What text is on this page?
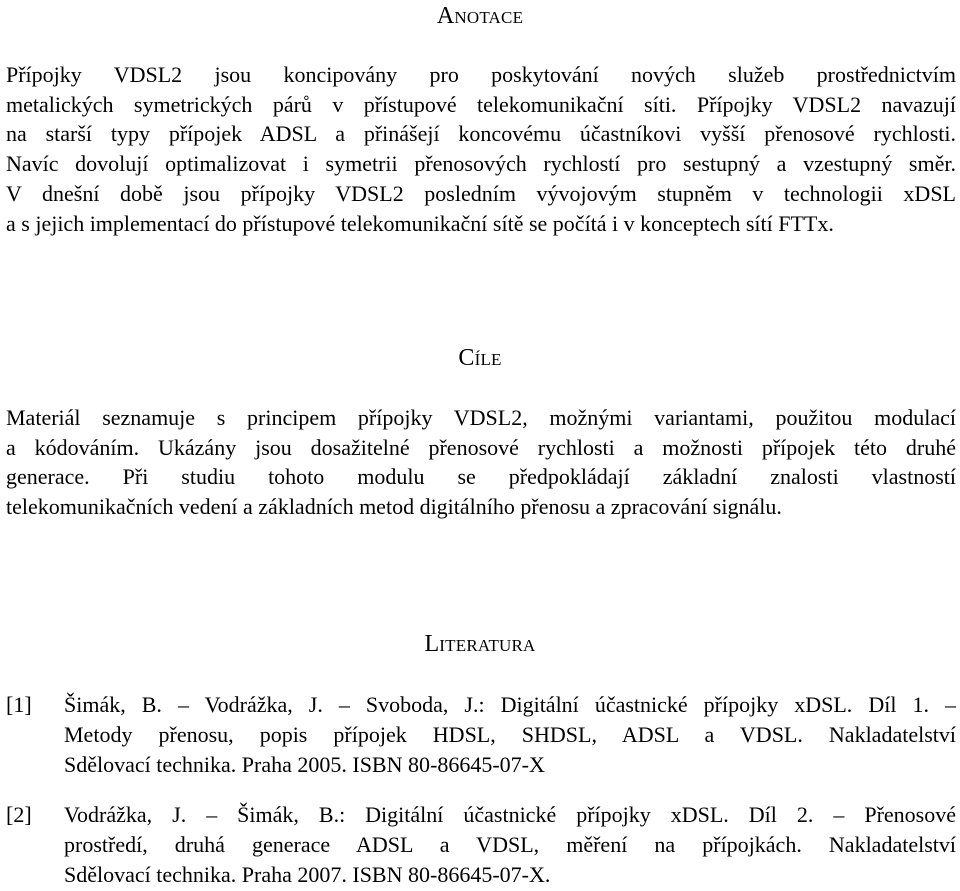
Anotace
Přípojky VDSL2 jsou koncipovány pro poskytování nových služeb prostřednictvím
metalických symetrických párů v přístupové telekomunikační síti. Přípojky VDSL2 navazují
na starší typy přípojek ADSL a přinášejí koncovému účastníkovi vyšší přenosové rychlosti.
Navíc dovolují optimalizovat i symetrii přenosových rychlostí pro sestupný a vzestupný směr.
V dnešní době jsou přípojky VDSL2 posledním vývojovým stupněm v technologii xDSL
a s jejich implementací do přístupové telekomunikační sítě se počítá i v konceptech sítí FTTx.
Cíle
Materiál seznamuje s principem přípojky VDSL2, možnými variantami, použitou modulací
a kódováním. Ukázány jsou dosažitelné přenosové rychlosti a možnosti přípojek této druhé
generace. Při studiu tohoto modulu se předpokládají základní znalosti vlastností
telekomunikačních vedení a základních metod digitálního přenosu a zpracování signálu.
Literatura
[1]	Šimák, B. – Vodrážka, J. – Svoboda, J.: Digitální účastnické přípojky xDSL. Díl 1. –
Metody přenosu, popis přípojek HDSL, SHDSL, ADSL a VDSL. Nakladatelství
Sdělovací technika. Praha 2005. ISBN 80-86645-07-X
[2]	Vodrážka, J. – Šimák, B.: Digitální účastnické přípojky xDSL. Díl 2. – Přenosové
prostředí, druhá generace ADSL a VDSL, měření na přípojkách. Nakladatelství
Sdělovací technika. Praha 2007. ISBN 80-86645-07-X.
